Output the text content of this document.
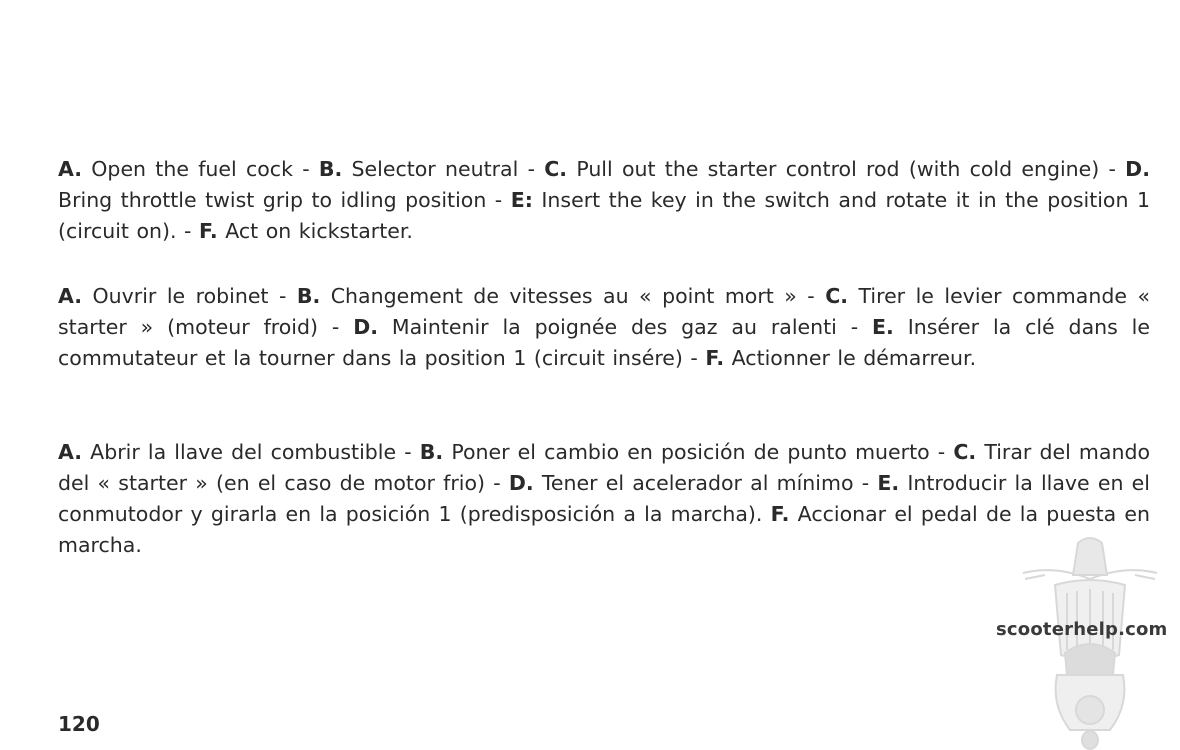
A. Open the fuel cock - B. Selector neutral - C. Pull out the starter control rod (with cold engine) - D. Bring throttle twist grip to idling position - E: Insert the key in the switch and rotate it in the position 1 (circuit on). - F. Act on kickstarter.
A. Ouvrir le robinet - B. Changement de vitesses au « point mort » - C. Tirer le levier commande « starter » (moteur froid) - D. Maintenir la poignée des gaz au ralenti - E. Insérer la clé dans le commutateur et la tourner dans la position 1 (circuit insére) - F. Actionner le démarreur.
A. Abrir la llave del combustible - B. Poner el cambio en posición de punto muerto - C. Tirar del mando del « starter » (en el caso de motor frio) - D. Tener el acelerador al mínimo - E. Introducir la llave en el conmutodor y girarla en la posición 1 (predisposición a la marcha). F. Accionar el pedal de la puesta en marcha.
scooterhelp.com
120
